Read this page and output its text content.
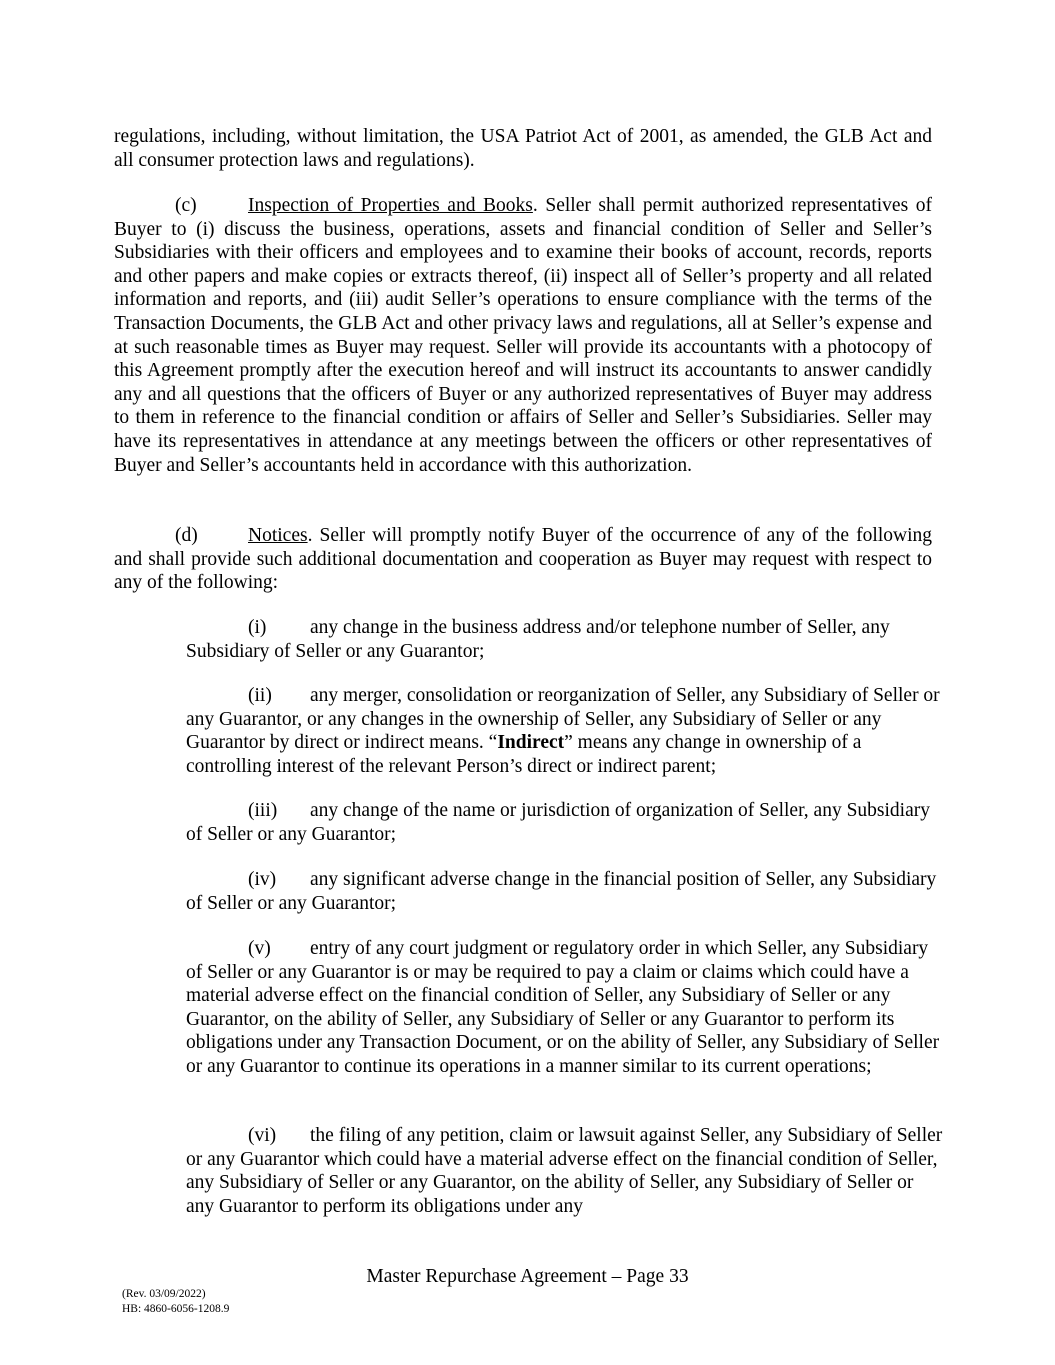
regulations, including, without limitation, the USA Patriot Act of 2001, as amended, the GLB Act and all consumer protection laws and regulations).

(c)	Inspection of Properties and Books. Seller shall permit authorized representatives of Buyer to (i) discuss the business, operations, assets and financial condition of Seller and Seller’s Subsidiaries with their officers and employees and to examine their books of account, records, reports and other papers and make copies or extracts thereof, (ii) inspect all of Seller’s property and all related information and reports, and (iii) audit Seller’s operations to ensure compliance with the terms of the Transaction Documents, the GLB Act and other privacy laws and regulations, all at Seller’s expense and at such reasonable times as Buyer may request. Seller will provide its accountants with a photocopy of this Agreement promptly after the execution hereof and will instruct its accountants to answer candidly any and all questions that the officers of Buyer or any authorized representatives of Buyer may address to them in reference to the financial condition or affairs of Seller and Seller’s Subsidiaries. Seller may have its representatives in attendance at any meetings between the officers or other representatives of Buyer and Seller’s accountants held in accordance with this authorization.

(d)	Notices. Seller will promptly notify Buyer of the occurrence of any of the following and shall provide such additional documentation and cooperation as Buyer may request with respect to any of the following:

(i) any change in the business address and/or telephone number of Seller, any Subsidiary of Seller or any Guarantor;

(ii) any merger, consolidation or reorganization of Seller, any Subsidiary of Seller or any Guarantor, or any changes in the ownership of Seller, any Subsidiary of Seller or any Guarantor by direct or indirect means. “Indirect” means any change in ownership of a controlling interest of the relevant Person’s direct or indirect parent;

(iii) any change of the name or jurisdiction of organization of Seller, any Subsidiary of Seller or any Guarantor;

(iv) any significant adverse change in the financial position of Seller, any Subsidiary of Seller or any Guarantor;

(v) entry of any court judgment or regulatory order in which Seller, any Subsidiary of Seller or any Guarantor is or may be required to pay a claim or claims which could have a material adverse effect on the financial condition of Seller, any Subsidiary of Seller or any Guarantor, on the ability of Seller, any Subsidiary of Seller or any Guarantor to perform its obligations under any Transaction Document, or on the ability of Seller, any Subsidiary of Seller or any Guarantor to continue its operations in a manner similar to its current operations;

(vi) the filing of any petition, claim or lawsuit against Seller, any Subsidiary of Seller or any Guarantor which could have a material adverse effect on the financial condition of Seller, any Subsidiary of Seller or any Guarantor, on the ability of Seller, any Subsidiary of Seller or any Guarantor to perform its obligations under any

Master Repurchase Agreement – Page 33
(Rev. 03/09/2022)
HB: 4860-6056-1208.9
